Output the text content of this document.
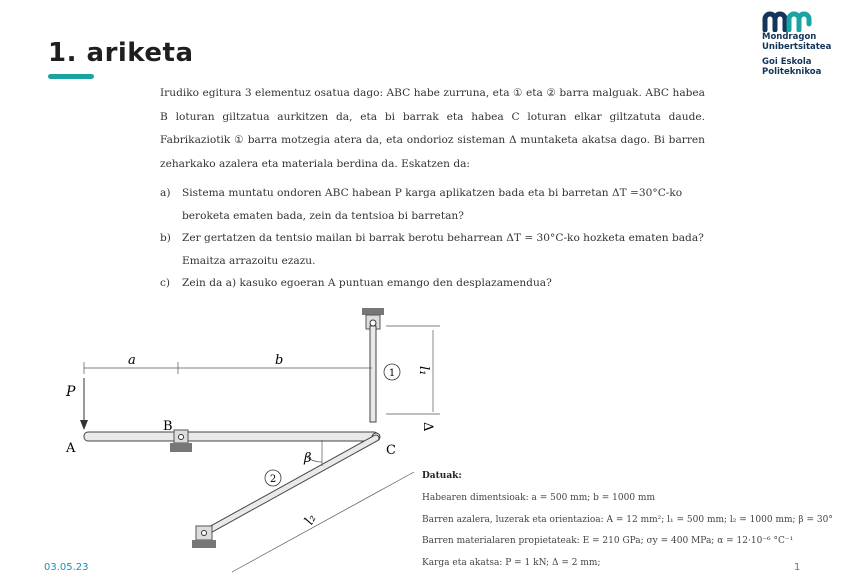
1. ariketa
Mondragon
Unibertsitatea
Goi Eskola
Politeknikoa
Irudiko egitura 3 elementuz osatua dago: ABC habe zurruna, eta ① eta ② barra malguak. ABC habea B loturan giltzatua aurkitzen da, eta bi barrak eta habea C loturan elkar giltzatuta daude. Fabrikaziotik ① barra motzegia atera da, eta ondorioz sisteman Δ muntaketa akatsa dago. Bi barren zeharkako azalera eta materiala berdina da. Eskatzen da:
a)	Sistema muntatu ondoren ABC habean P karga aplikatzen bada eta bi barretan ΔT =30°C-ko beroketa ematen bada, zein da tentsioa bi barretan?
b)	Zer gertatzen da tentsio mailan bi barrak berotu beharrean ΔT = 30°C-ko hozketa ematen bada? Emaitza arrazoitu ezazu.
c)	Zein da a) kasuko egoeran A puntuan emango den desplazamendua?
1 l₁
Δ
a	b
P
A
B
C
2
β
l₂
Datuak:
Habearen dimentsioak: a = 500 mm; b = 1000 mm
Barren azalera, luzerak eta orientazioa: A = 12 mm²; l₁ = 500 mm; l₂ = 1000 mm; β = 30°
Barren materialaren propietateak: E = 210 GPa; σy = 400 MPa; α = 12·10⁻⁶ °C⁻¹
Karga eta akatsa: P = 1 kN; Δ = 2 mm;
03.05.23	1
